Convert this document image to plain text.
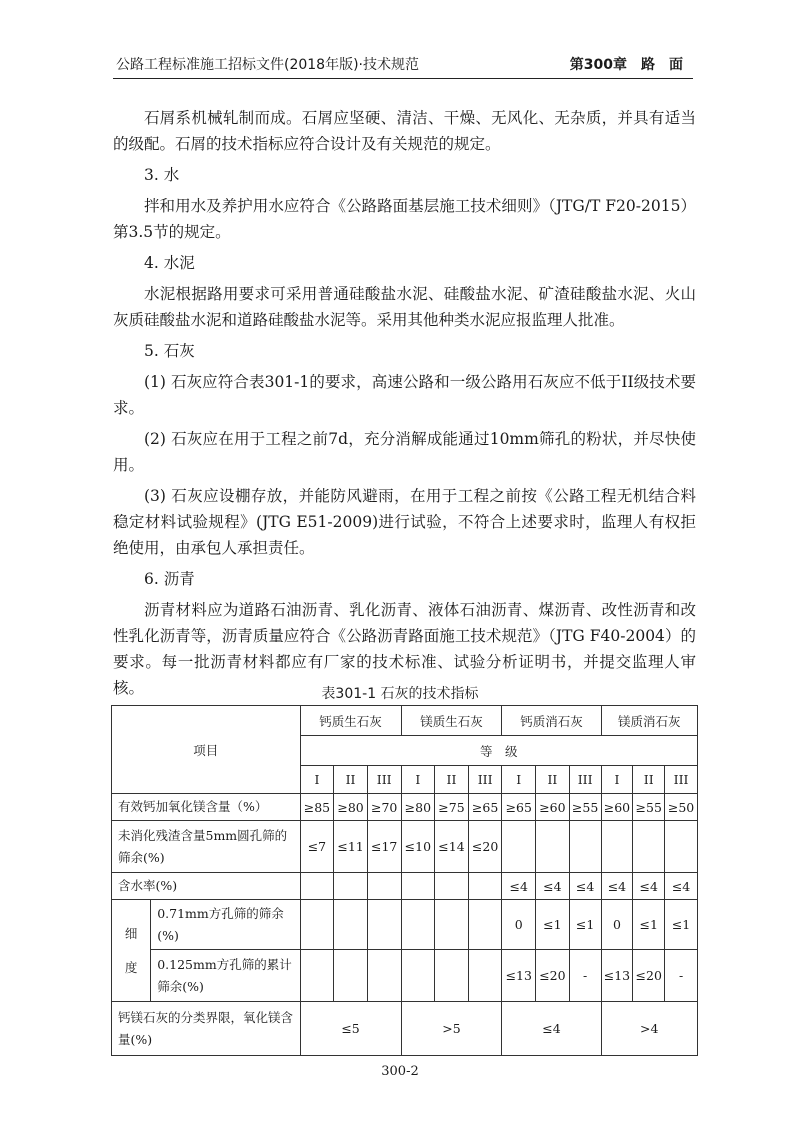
公路工程标准施工招标文件(2018年版)·技术规范	第300章　路　面

石屑系机械轧制而成。石屑应坚硬、清洁、干燥、无风化、无杂质，并具有适当的级配。石屑的技术指标应符合设计及有关规范的规定。

3. 水

拌和用水及养护用水应符合《公路路面基层施工技术细则》（JTG/T F20-2015）第3.5节的规定。

4. 水泥

水泥根据路用要求可采用普通硅酸盐水泥、硅酸盐水泥、矿渣硅酸盐水泥、火山灰质硅酸盐水泥和道路硅酸盐水泥等。采用其他种类水泥应报监理人批准。

5. 石灰

(1) 石灰应符合表301-1的要求，高速公路和一级公路用石灰应不低于II级技术要求。

(2) 石灰应在用于工程之前7d，充分消解成能通过10mm筛孔的粉状，并尽快使用。

(3) 石灰应设棚存放，并能防风避雨，在用于工程之前按《公路工程无机结合料稳定材料试验规程》(JTG E51-2009)进行试验，不符合上述要求时，监理人有权拒绝使用，由承包人承担责任。

6. 沥青

沥青材料应为道路石油沥青、乳化沥青、液体石油沥青、煤沥青、改性沥青和改性乳化沥青等，沥青质量应符合《公路沥青路面施工技术规范》（JTG F40-2004）的要求。每一批沥青材料都应有厂家的技术标准、试验分析证明书，并提交监理人审核。	表301-1 石灰的技术指标
项目		钙质生石灰			镁质生石灰			钙质消石灰			镁质消石灰		
		等　级											
		I	II	III	I	II	III	I	II	III	I	II	III
有效钙加氧化镁含量（%）		≥85	≥80	≥70	≥80	≥75	≥65	≥65	≥60	≥55	≥60	≥55	≥50
未消化残渣含量5mm圆孔筛的筛余(%)		≤7	≤11	≤17	≤10	≤14	≤20						
含水率(%)								≤4	≤4	≤4	≤4	≤4	≤4
细度	0.71mm方孔筛的筛余(%)							0	≤1	≤1	0	≤1	≤1
	0.125mm方孔筛的累计筛余(%)							≤13	≤20	-	≤13	≤20	-
钙镁石灰的分类界限，氧化镁含量(%)		≤5			>5			≤4			>4		
300-2
